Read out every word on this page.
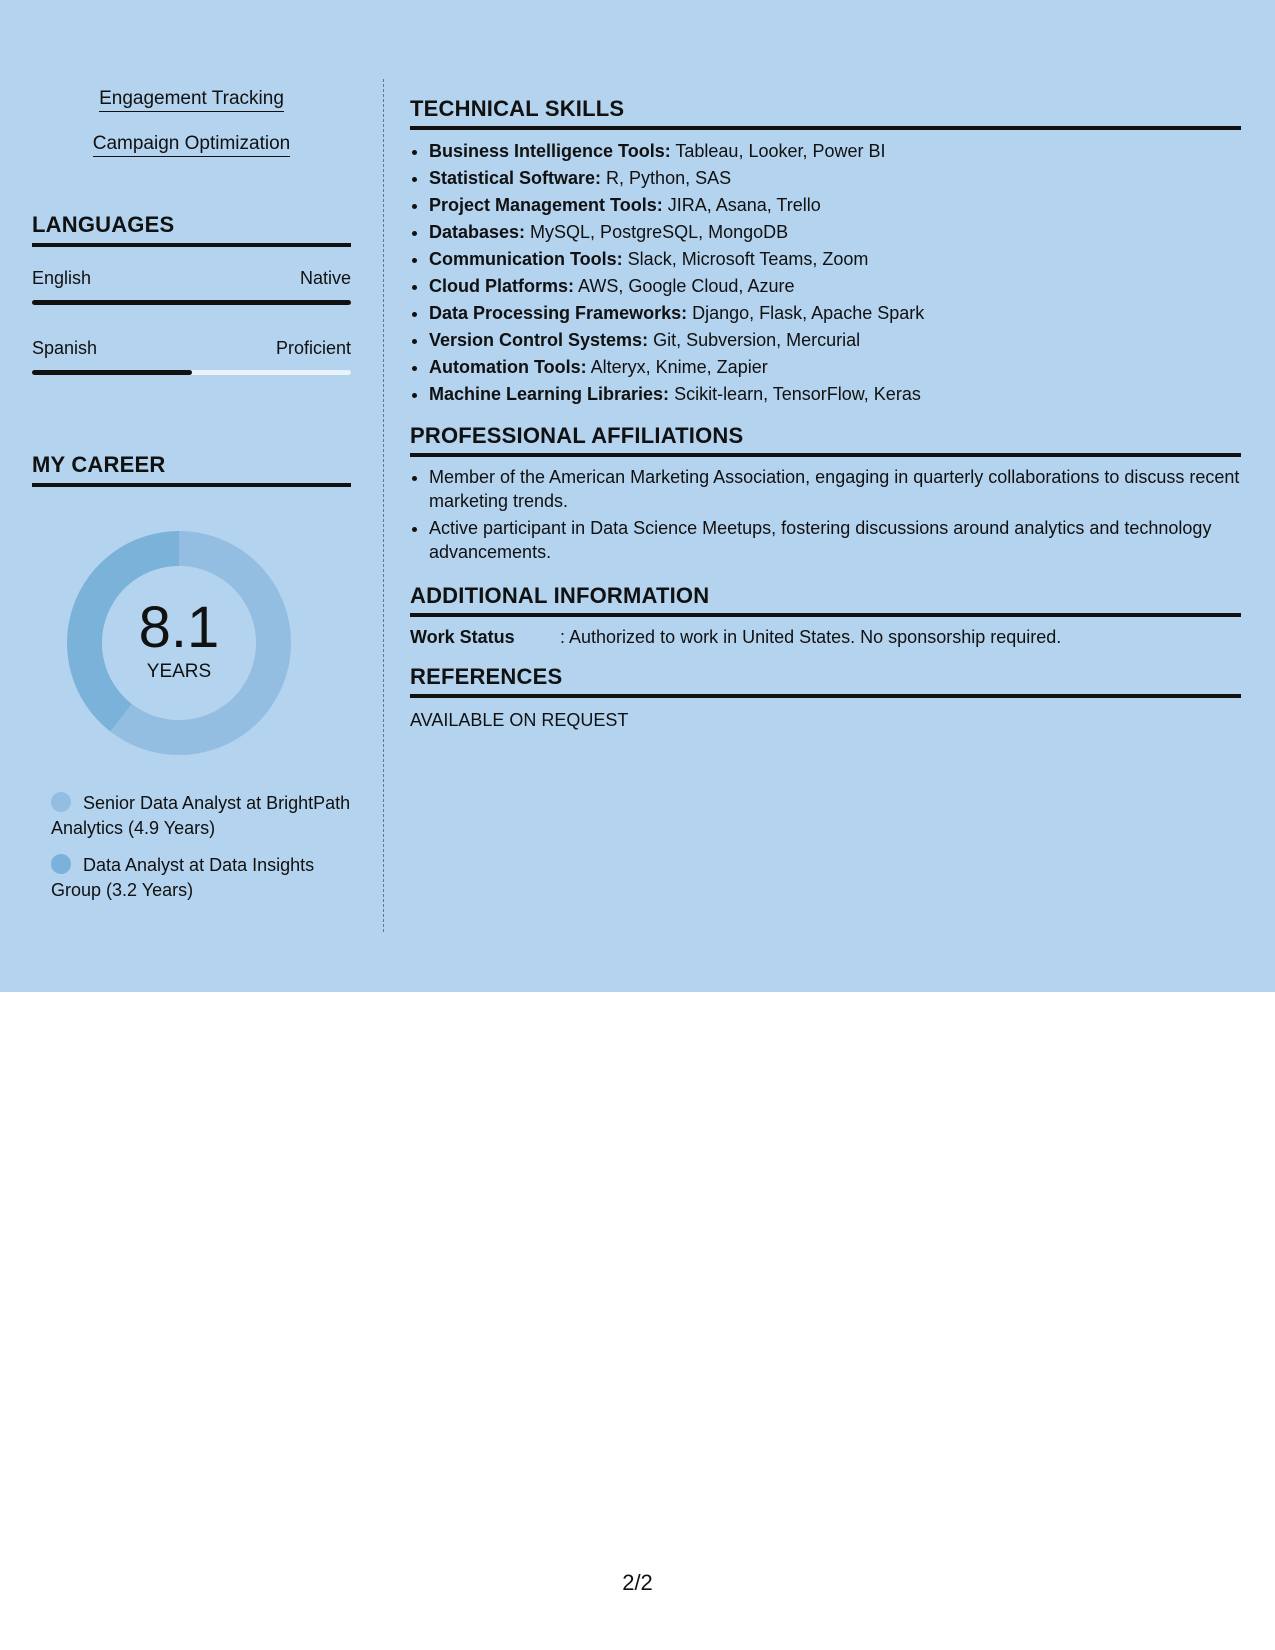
Engagement Tracking
Campaign Optimization
LANGUAGES
English	Native
Spanish	Proficient
MY CAREER
8.1
YEARS
Senior Data Analyst at BrightPath Analytics (4.9 Years)
Data Analyst at Data Insights Group (3.2 Years)
TECHNICAL SKILLS
• Business Intelligence Tools: Tableau, Looker, Power BI
• Statistical Software: R, Python, SAS
• Project Management Tools: JIRA, Asana, Trello
• Databases: MySQL, PostgreSQL, MongoDB
• Communication Tools: Slack, Microsoft Teams, Zoom
• Cloud Platforms: AWS, Google Cloud, Azure
• Data Processing Frameworks: Django, Flask, Apache Spark
• Version Control Systems: Git, Subversion, Mercurial
• Automation Tools: Alteryx, Knime, Zapier
• Machine Learning Libraries: Scikit-learn, TensorFlow, Keras
PROFESSIONAL AFFILIATIONS
• Member of the American Marketing Association, engaging in quarterly collaborations to discuss recent marketing trends.
• Active participant in Data Science Meetups, fostering discussions around analytics and technology advancements.
ADDITIONAL INFORMATION
Work Status	: Authorized to work in United States. No sponsorship required.
REFERENCES
AVAILABLE ON REQUEST
2/2
